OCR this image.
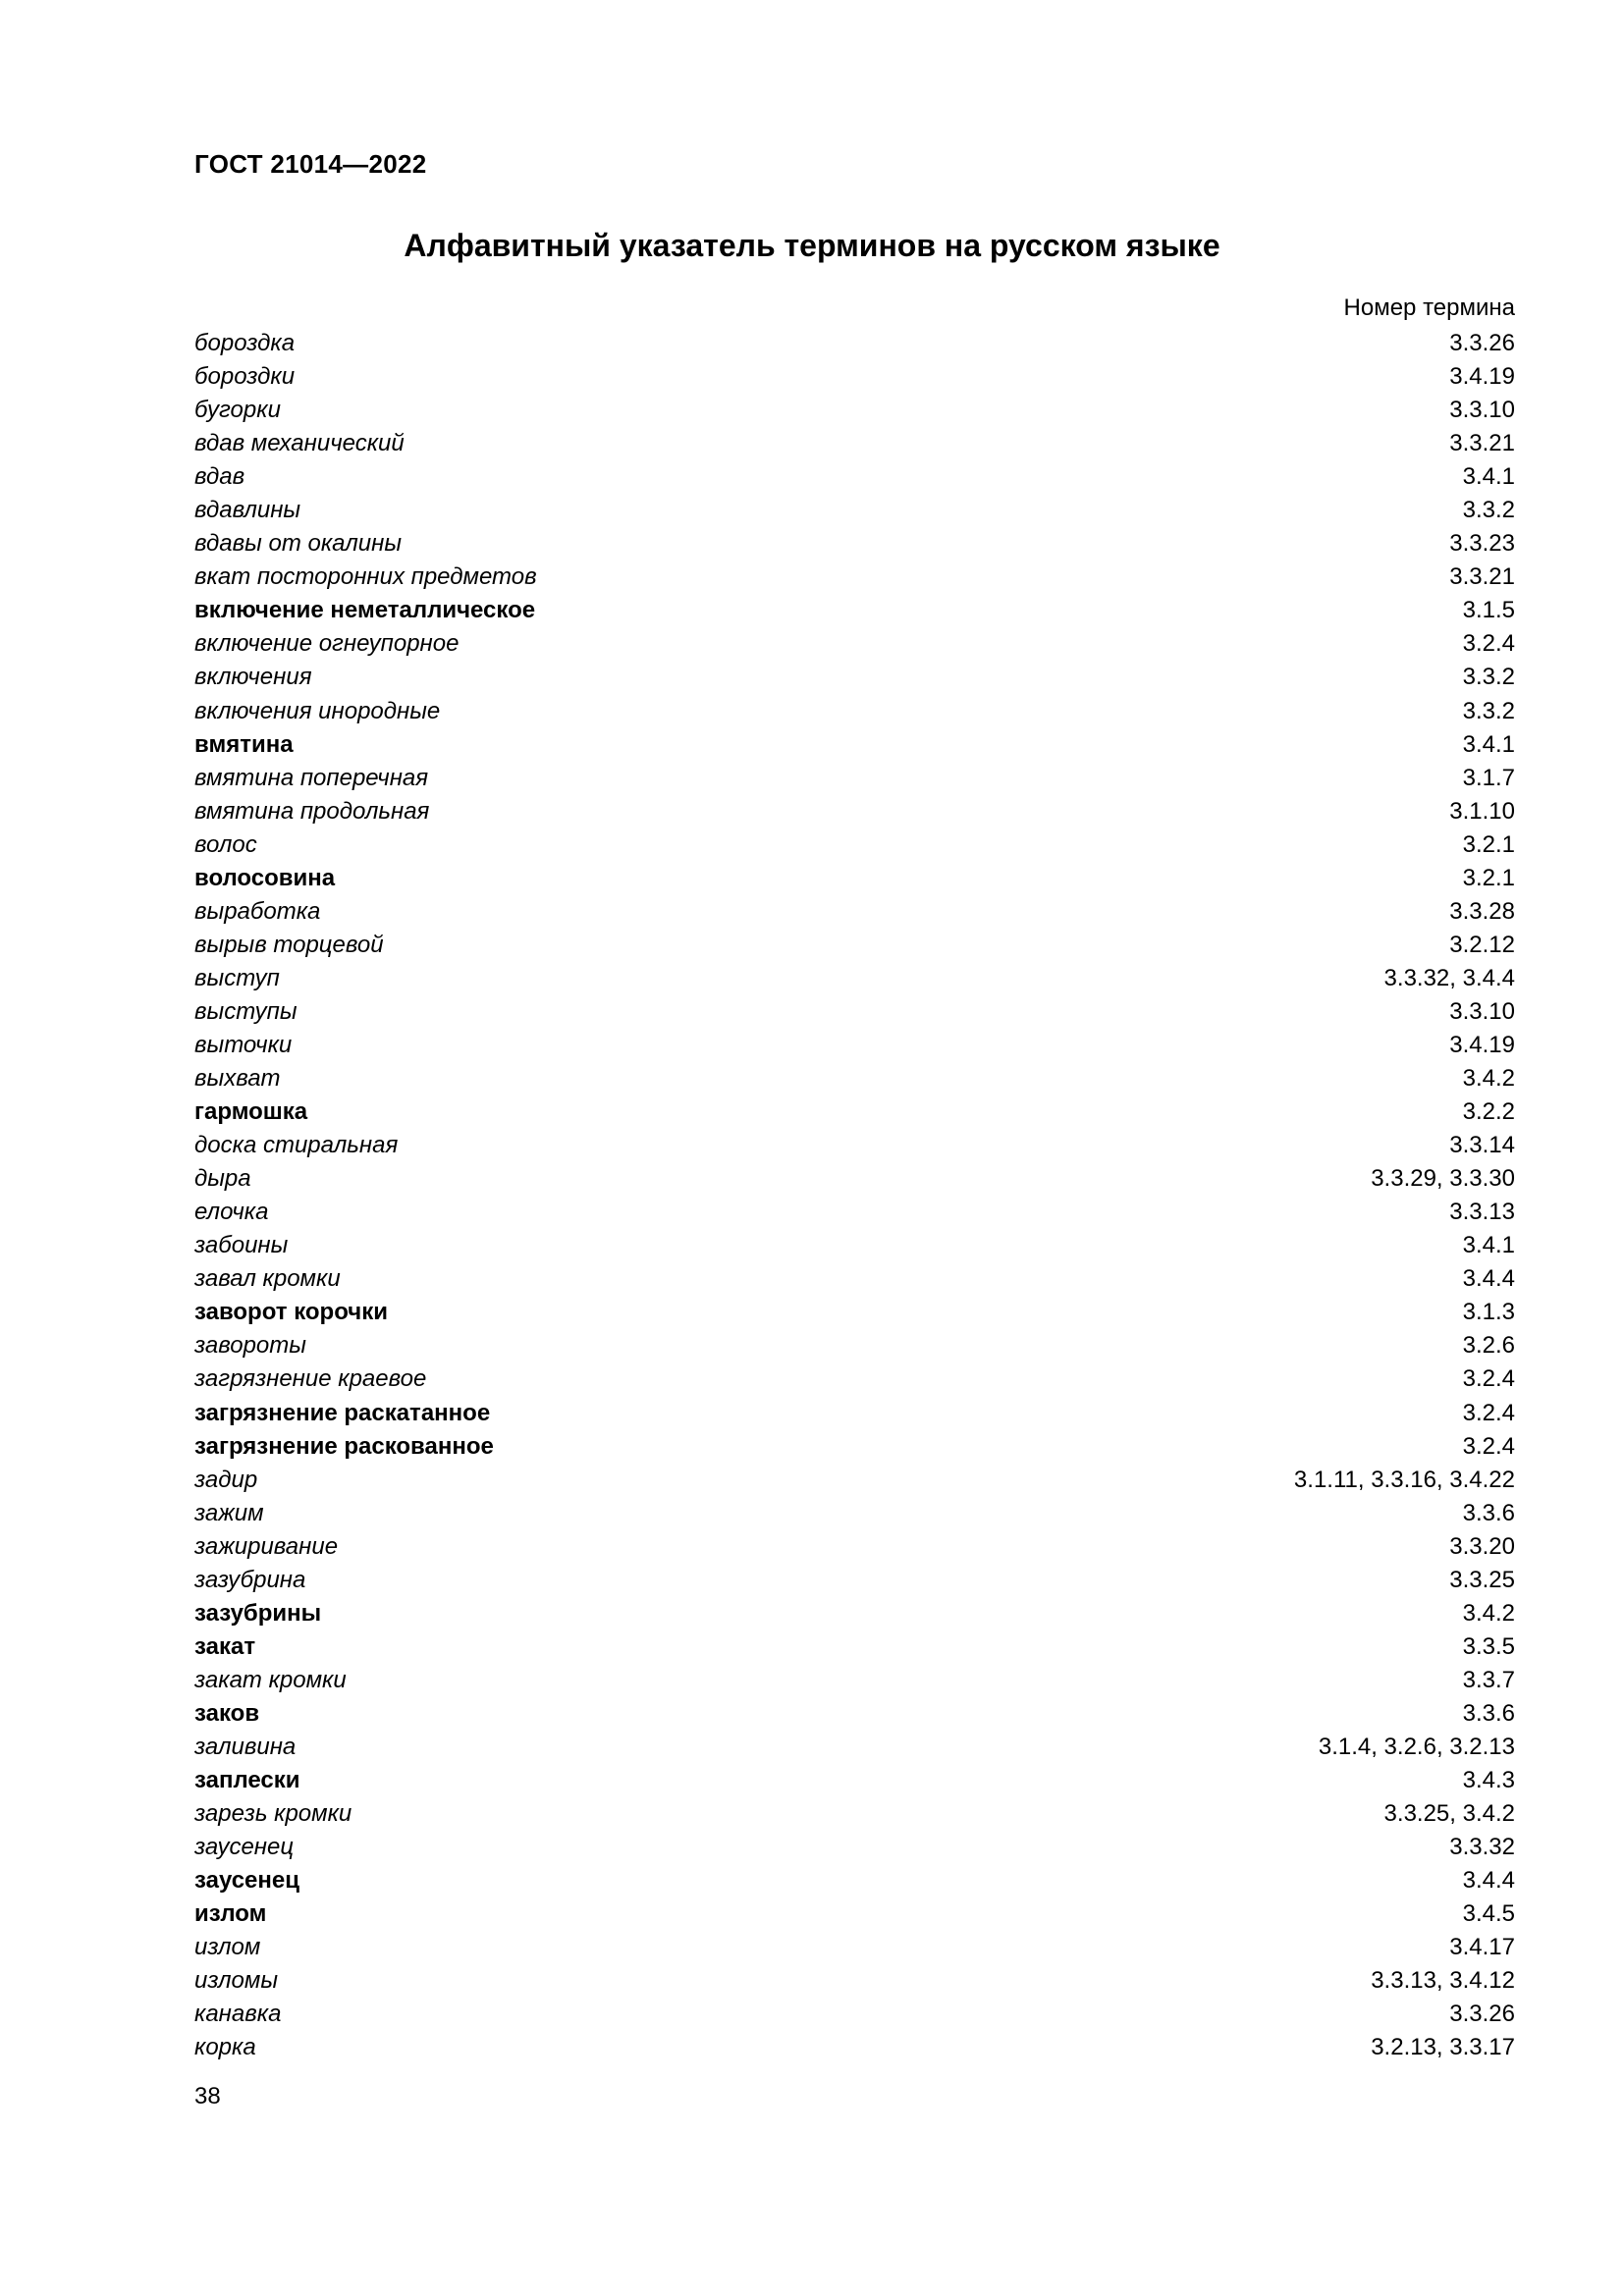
ГОСТ 21014—2022
Алфавитный указатель терминов на русском языке
Номер термина
бороздка	3.3.26
бороздки	3.4.19
бугорки	3.3.10
вдав механический	3.3.21
вдав	3.4.1
вдавлины	3.3.2
вдавы от окалины	3.3.23
вкат посторонних предметов	3.3.21
включение неметаллическое	3.1.5
включение огнеупорное	3.2.4
включения	3.3.2
включения инородные	3.3.2
вмятина	3.4.1
вмятина поперечная	3.1.7
вмятина продольная	3.1.10
волос	3.2.1
волосовина	3.2.1
выработка	3.3.28
вырыв торцевой	3.2.12
выступ	3.3.32, 3.4.4
выступы	3.3.10
выточки	3.4.19
выхват	3.4.2
гармошка	3.2.2
доска стиральная	3.3.14
дыра	3.3.29, 3.3.30
елочка	3.3.13
забоины	3.4.1
завал кромки	3.4.4
заворот корочки	3.1.3
завороты	3.2.6
загрязнение краевое	3.2.4
загрязнение раскатанное	3.2.4
загрязнение раскованное	3.2.4
задир	3.1.11, 3.3.16, 3.4.22
зажим	3.3.6
зажиривание	3.3.20
зазубрина	3.3.25
зазубрины	3.4.2
закат	3.3.5
закат кромки	3.3.7
заков	3.3.6
заливина	3.1.4, 3.2.6, 3.2.13
заплески	3.4.3
зарезь кромки	3.3.25, 3.4.2
заусенец	3.3.32
заусенец	3.4.4
излом	3.4.5
излом	3.4.17
изломы	3.3.13, 3.4.12
канавка	3.3.26
корка	3.2.13, 3.3.17
38
